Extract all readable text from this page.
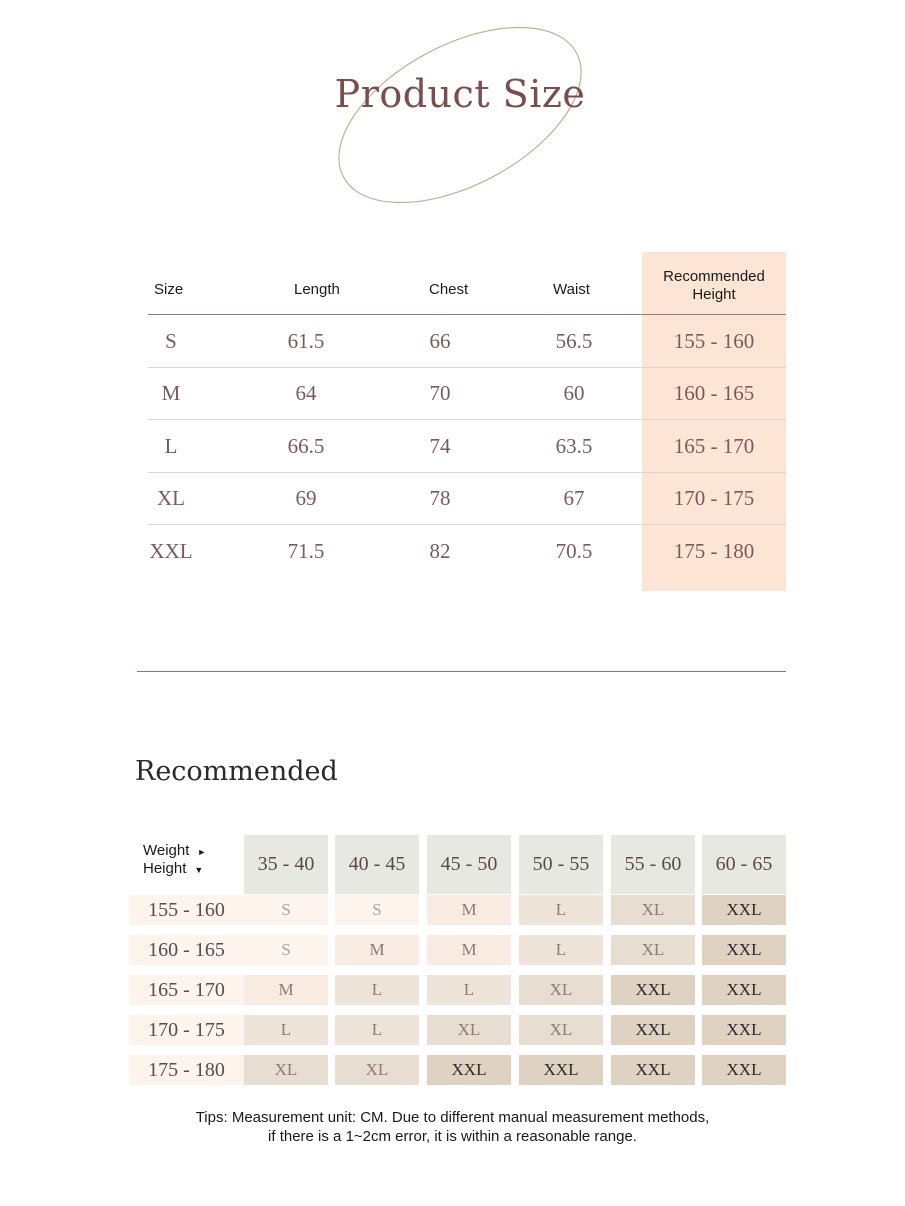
Product Size
Size	Length	Chest	Waist
Recommended
Height
S	61.5	66	56.5	155 - 160
M	64	70	60	160 - 165
L	66.5	74	63.5	165 - 170
XL	69	78	67	170 - 175
XXL	71.5	82	70.5	175 - 180
Recommended
Weight ►
Height ▼	35 - 40	40 - 45	45 - 50	50 - 55	55 - 60	60 - 65
155 - 160	S	S	M	L	XL	XXL
160 - 165	S	M	M	L	XL	XXL
165 - 170	M	L	L	XL	XXL	XXL
170 - 175	L	L	XL	XL	XXL	XXL
175 - 180	XL	XL	XXL	XXL	XXL	XXL
Tips: Measurement unit: CM. Due to different manual measurement methods,
if there is a 1~2cm error, it is within a reasonable range.
